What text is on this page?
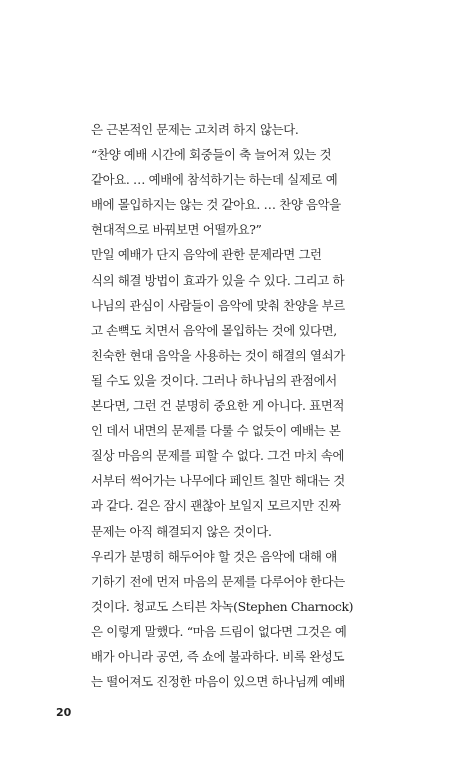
은 근본적인 문제는 고치려 하지 않는다.
“찬양 예배 시간에 회중들이 축 늘어져 있는 것
같아요. … 예배에 참석하기는 하는데 실제로 예
배에 몰입하지는 않는 것 같아요. … 찬양 음악을
현대적으로 바꿔보면 어떨까요?”
만일 예배가 단지 음악에 관한 문제라면 그런
식의 해결 방법이 효과가 있을 수 있다. 그리고 하
나님의 관심이 사람들이 음악에 맞춰 찬양을 부르
고 손뼉도 치면서 음악에 몰입하는 것에 있다면,
친숙한 현대 음악을 사용하는 것이 해결의 열쇠가
될 수도 있을 것이다. 그러나 하나님의 관점에서
본다면, 그런 건 분명히 중요한 게 아니다. 표면적
인 데서 내면의 문제를 다룰 수 없듯이 예배는 본
질상 마음의 문제를 피할 수 없다. 그건 마치 속에
서부터 썩어가는 나무에다 페인트 칠만 해대는 것
과 같다. 겉은 잠시 괜찮아 보일지 모르지만 진짜
문제는 아직 해결되지 않은 것이다.
우리가 분명히 해두어야 할 것은 음악에 대해 얘
기하기 전에 먼저 마음의 문제를 다루어야 한다는
것이다. 청교도 스티븐 차녹(Stephen Charnock)
은 이렇게 말했다. “마음 드림이 없다면 그것은 예
배가 아니라 공연, 즉 쇼에 불과하다. 비록 완성도
는 떨어져도 진정한 마음이 있으면 하나님께 예배
20
